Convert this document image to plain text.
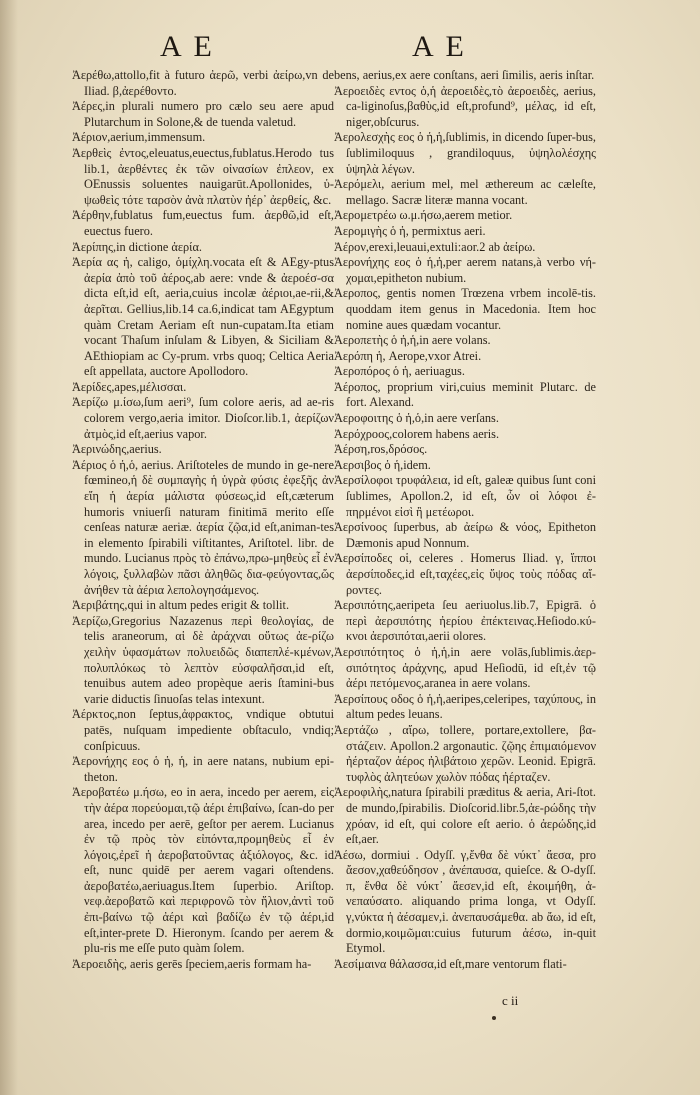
A E	A E
Ἀερέθω,attollo,fit à futuro ἀερῶ, verbi ἀείρω,vn de Iliad. β,ἀερέθοντο.
Ἀέρες,in plurali numero pro cælo seu aere apud Plutarchum in Solone,& de tuenda valetud.
Ἀέριον,aerium,immensum.
Ἀερθεὶς ἐντος,eleuatus,euectus,fublatus.Herodo tus lib.1, ἀερθέντες ἐκ τῶν οἰνασίων ἐπλεον, ex OEnussis soluentes nauigarūt.Apollonides, ὑ-ψωθεὶς τότε ταρσὸν ἀνὰ πλατὺν ἠέρ᾽ ἀερθείς, &c.
Ἀέρθην,fublatus fum,euectus fum. ἀερθῶ,id eſt, euectus fuero.
Ἀερίπης,in dictione ἀερία.
Ἀερία ας ἡ, caligo, ὁμίχλη.vocata eſt & AEgy-ptus ἀερία ἀπὸ τοῦ ἀέρος,ab aere: vnde & ἀεροέσ-σα dicta eſt,id eſt, aeria,cuius incolæ ἀέριοι,ae-rii,& ἀερῖται. Gellius,lib.14 ca.6,indicat tam AEgyptum quàm Cretam Aeriam eſt nun-cupatam.Ita etiam vocant Thaſum inſulam & Libyen, & Siciliam & AEthiopiam ac Cy-prum. vrbs quoq; Celtica Aeria eſt appellata, auctore Apollodoro.
Ἀερίδες,apes,μέλισσαι.
Ἀερίζω μ.ίσω,ſum aeri⁹, ſum colore aeris, ad ae-ris colorem vergo,aeria imitor. Dioſcor.lib.1, ἀερίζων ἀτμὸς,id eſt,aerius vapor.
Ἀερινώδης,aerius.
Ἀέριος ὁ ἡ,ὁ, aerius. Ariſtoteles de mundo in ge-nere fœmineo,ἡ δὲ συμπαγὴς ἡ ὑγρὰ φύσις ἐφεξῆς ἀν εἴη ἡ ἀερία μάλιστα φύσεως,id eſt,cæterum humoris vniuerſi naturam finitimā merito eſſe cenſeas naturæ aeriæ. ἀερία ζῷα,id eſt,animan-tes in elemento ſpirabili viſtitantes, Ariſtotel. libr. de mundo. Lucianus πρὸς τὸ ἐπάνω,πρω-μηθεὺς εἶ ἐν λόγοις, ξυλλαβὼν πᾶσι ἀληθῶς δια-φεύγοντας,ὥς ἀνήθεν τὰ ἀέρια λεπολογησάμενος.
Ἀεριβάτης,qui in altum pedes erigit & tollit.
Ἀερίζω,Gregorius Nazazenus περὶ θεολογίας, de telis araneorum, αἱ δὲ ἀράχναι οὕτως ἀε-ρίζω χειλὴν ὑφασμάτων πολυειδῶς διαπεπλέ-κμένων, πολυπλόκως τὸ λεπτὸν εὐσφαλῆσαι,id eſt, tenuibus autem adeo propèque aeris ſtamini-bus varie diductis ſinuoſas telas intexunt.
Ἀέρκτος,non ſeptus,ἀφρακτος, vndique obtutui patēs, nuſquam impediente obſtaculo, vndiq; conſpicuus.
Ἀερονήχης εος ὁ ἡ, ἡ, in aere natans, nubium epi-theton.
Ἀεροβατέω μ.ήσω, eo in aera, incedo per aerem, εἰς τὴν ἀέρα πορεύομαι,τῷ ἀέρι ἐπιβαίνω, ſcan-do per area, incedo per aerē, geſtor per aerem. Lucianus ἐν τῷ πρὸς τὸν εἰπόντα,προμηθεὺς εἶ ἐν λόγοις,ἐρεῖ ἡ ἀεροβατοῦντας ἀξιόλογος, &c. id eſt, nunc quidē per aerem vagari oſtendens. ἀεροβατέω,aeriuagus.Item ſuperbio. Ariſtop. νεφ.ἀεροβατῶ καὶ περιφρονῶ τὸν ἥλιον,ἀντὶ τοῦ ἐπι-βαίνω τῷ ἀέρι καὶ βαδίζω ἐν τῷ ἀέρι,id eſt,inter-prete D. Hieronym. ſcando per aerem & plu-ris me eſſe puto quàm ſolem.
Ἀεροειδὴς, aeris gerēs ſpeciem,aeris formam ha-
bens, aerius,ex aere conſtans, aeri ſimilis, aeris inſtar.
Ἀεροειδὲς εντος ὁ,ἡ ἀεροειδὲς,τὸ ἀεροειδὲς, aerius, ca-liginoſus,βαθὺς,id eſt,profund⁹, μέλας, id eſt, niger,obſcurus.
Ἀερολεσχὴς εος ὁ ἡ,ἡ,ſublimis, in dicendo ſuper-bus, ſublimiloquus , grandiloquus, ὑψηλολέσχης ὑψηλὰ λέγων.
Ἀερόμελι, aerium mel, mel æthereum ac cæleſte, mellago. Sacræ literæ manna vocant.
Ἀερομετρέω ω.μ.ήσω,aerem metior.
Ἀερομιγὴς ὁ ἡ, permixtus aeri.
Ἀέρον,erexi,leuaui,extuli:aor.2 ab ἀείρω.
Ἀερονήχης εος ὁ ἡ,ἡ,per aerem natans,à verbo νή-χομαι,epitheton nubium.
Ἀεροπος, gentis nomen Trœzena vrbem incolē-tis. quoddam item genus in Macedonia. Item hoc nomine aues quædam vocantur.
Ἀεροπετὴς ὁ ἡ,ἡ,in aere volans.
Ἀερόπη ἡ, Aerope,vxor Atrei.
Ἀεροπόρος ὁ ἡ, aeriuagus.
Ἀέροπος, proprium viri,cuius meminit Plutarc. de fort. Alexand.
Ἀεροφοιτης ὁ ἡ,ὁ,in aere verſans.
Ἀερόχροος,colorem habens aeris.
Ἀέρση,ros,δρόσος.
Ἀερσιβος ὁ ἡ,idem.
Ἀερσίλοφοι τρυφάλεια, id eſt, galeæ quibus ſunt coni ſublimes, Apollon.2, id eſt, ὧν οἱ λόφοι ἐ-πηρμένοι εἰσὶ ἢ μετέωροι.
Ἀερσίνοος ſuperbus, ab ἀείρω & νόος, Epitheton Dæmonis apud Nonnum.
Ἀερσίποδες οἱ, celeres . Homerus Iliad. γ, ἵπποι ἀερσίποδες,id eſt,ταχέες,εἰς ὕψος τοὺς πόδας αἴ-ροντες.
Ἀερσιπότης,aeripeta ſeu aeriuolus.lib.7, Epigrā. ὁ περὶ ἀερσιπότης ἠερίου ἐπέκτεινας.Heſiodo.κύ-κνοι ἀερσιπόται,aerii olores.
Ἀερσιπότητος ὁ ἡ,ἡ,in aere volās,ſublimis.ἀερ-σιπότητος ἀράχνης, apud Heſiodū, id eſt,ἐν τῷ ἀέρι πετόμενος,aranea in aere volans.
Ἀερσίπους οδος ὁ ἡ,ἡ,aeripes,celeripes, ταχύπους, in altum pedes leuans.
Ἀερτάζω , αἴρω, tollere, portare,extollere, βα-στάζειν. Apollon.2 argonautic. ζῷης ἐπιμαιόμενον ἠέρταζον ἀέρος ἠλιβάτοιο χερῶν. Leonid. Epigrā. τυφλὸς ἀλητεύων χωλὸν πόδας ἠέρταζεν.
Ἀεροφιλὴς,natura ſpirabili præditus & aeria, Ari-ſtot. de mundo,ſpirabilis. Dioſcorid.libr.5,ἀε-ρώδης τὴν χρόαν, id eſt, qui colore eſt aerio. ὁ ἀερώδης,id eſt,aer.
Ἀέσω, dormiui . Odyſſ. γ,ἔνθα δὲ νύκτ᾽ ἄεσα, pro ἄεσον,χαθεύδησον , ἀνέπαυσα, quieſce. & O-dyſſ. π, ἔνθα δὲ νύκτ᾽ ἄεσεν,id eſt, ἐκοιμήθη, ἀ-νεπαύσατο. aliquando prima longa, vt Odyſſ. γ,νύκτα ἡ ἀέσαμεν,i. ἀνεπαυσάμεθα. ab ἄω, id eſt, dormio,κοιμῶμαι:cuius futurum ἀέσω, in-quit Etymol.
Ἀεσίμαινα θάλασσα,id eſt,mare ventorum flati-
c ii
